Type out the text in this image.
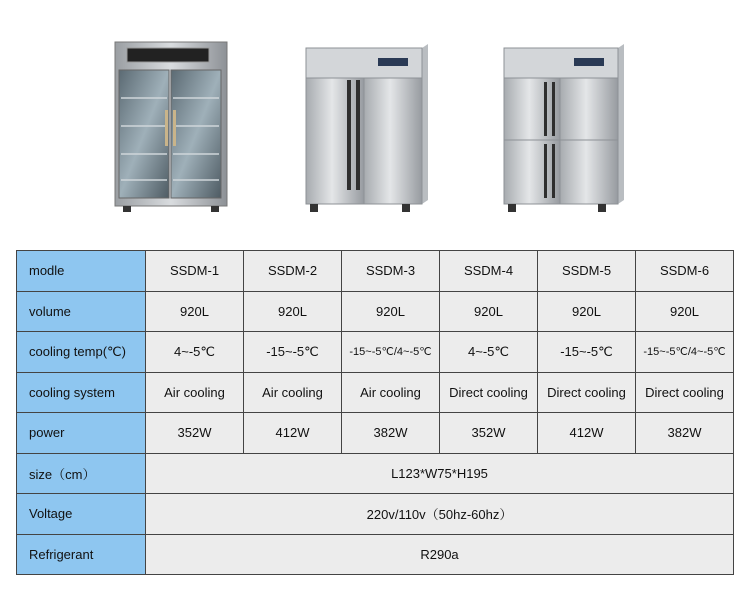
modle	SSDM-1	SSDM-2	SSDM-3	SSDM-4	SSDM-5	SSDM-6
volume	920L	920L	920L	920L	920L	920L
cooling temp(℃)	4~-5℃	-15~-5℃	-15~-5℃/4~-5℃	4~-5℃	-15~-5℃	-15~-5℃/4~-5℃
cooling system	Air cooling	Air cooling	Air cooling	Direct cooling	Direct cooling	Direct cooling
power	352W	412W	382W	352W	412W	382W
size（cm）	L123*W75*H195					
Voltage	220v/110v（50hz-60hz）					
Refrigerant	R290a					
